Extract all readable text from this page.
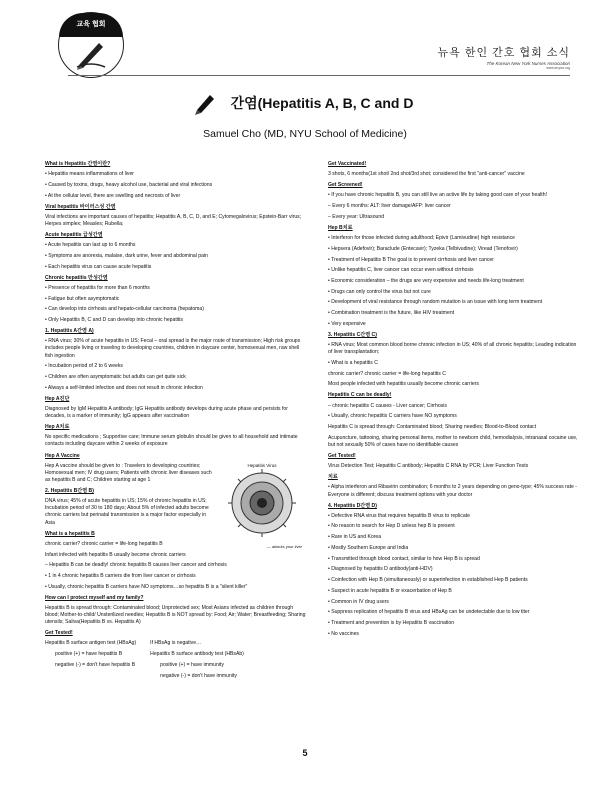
교육 협회
뉴욕 한인 간호 협회 소식
The Korean New York Nurses Association
www.knyna.org
간염(Hepatitis A, B, C and D
Samuel Cho (MD, NYU School of Medicine)
What is Hepatitis 간염이란?
• Hepatitis means inflammations of liver
• Caused by toxins, drugs, heavy alcohol use, bacterial and viral infections
• At the cellular level, there are swelling and necrosis of liver
Viral hepatitis 바이러스성 간염
Viral infections are important causes of hepatitis; Hepatitis A, B, C, D, and E; Cytomegalovirus; Epstein-Barr virus; Herpes simplex; Measles; Rubella;
Acute hepatitis 급성간염
• Acute hepatitis can last up to 6 months
• Symptoms are anorexia, malaise, dark urine, fever and abdominal pain
• Each hepatitis virus can cause acute hepatitis
Chronic hepatitis 만성간염
• Presence of hepatitis for more than 6 months
• Fatigue but often asymptomatic
• Can develop into cirrhosis and hepato-cellular carcinoma (hepatoma)
• Only Hepatitis B, C and D can develop into chronic hepatitis
1. Hepatitis A간염 A)
• RNA virus; 30% of acute hepatitis in US; Fecal – oral spread is the major route of transmission; High risk groups includes people living or traveling to developing countries, children in daycare center, homosexual men, raw shell fish ingestion
• Incubation period of 2 to 6 weeks
• Children are often asymptomatic but adults can get quite sick
• Always a self-limited infection and does not result in chronic infection
Hep A진단
Diagnosed by IgM Hepatitis A antibody; IgG Hepatitis antibody develops during acute phase and persists for decades, is a marker of immunity; IgG appears after vaccination
Hep A치료
No specific medications ; Supportive care; Immune serum globulin should be given to all household and intimate contacts including daycare within 2 weeks of exposure
Hep A Vaccine
Hep A vaccine should be given to : Travelers to developing countries; Homosexual men; IV drug users; Patients with chronic liver diseases such as hepatitis B and C; Children starting at age 1
2. Hepatitis B간염 B)
DNA virus; 45% of acute hepatitis in US; 15% of chronic hepatitis in US; Incubation period of 30 to 180 days; About 5% of infected adults become chronic carriers but perinatal transmission is a major factor especially in Asia
What is a hepatitis B
chronic carrier? chronic carrier = life-long hepatitis B
Infant infected with hepatitis B usually become chronic carriers
– Hepatitis B can be deadly! chronic hepatitis B causes liver cancer and cirrhosis
• 1 in 4 chronic hepatitis B carriers die from liver cancer or cirrhosis
• Usually, chronic hepatitis B carriers have NO symptoms…so hepatitis B is a "silent killer"
How can I protect myself and my family?
Hepatitis B is spread through: Contaminated blood; Unprotected sex; Most Asians infected as children through blood; Mother-to-child/ Unsterilized needles; Hepatitis B is NOT spread by: Food; Air; Water; Breastfeeding; Sharing utensils; Saliva(Hepatitis B vs. Hepatitis A)
Get Tested!
Hepatitis B surface antigen test (HBsAg)
positive (+) = have hepatitis B
negative (-) = don't have hepatitis B
If HBsAg is negative…
Hepatitis B surface antibody test (HBsAb)
positive (+) = have immunity
negative (-) = don't have immunity
Get Vaccinated!
3 shots, 6 months(1st shot/ 2nd shot/3rd shot; considered the first "anti-cancer" vaccine
Get Screened!
• If you have chronic hepatitis B, you can still live an active life by taking good care of your health!
– Every 6 months: ALT: liver damage/AFP: liver cancer
– Every year: Ultrasound
Hep B치료
• Interferon for those infected during adulthood; Epivir (Lamivudine) high resistance
• Hepsera (Adefovir); Baraclude (Entecavir); Tyzeka (Telbivudine); Viread (Tenofovir)
• Treatment of Hepatitis B The goal is to prevent cirrhosis and liver cancer
• Unlike hepatitis C, liver cancer can occur even without cirrhosis
• Economic consideration – the drugs are very expensive and needs life-long treatment
• Drugs can only control the virus but not cure
• Development of viral resistance through random mutation is an issue with long term treatment
• Combination treatment is the future, like HIV treatment
• Very expensive
3. Hepatitis C간염 C)
• RNA virus; Most common blood borne chronic infection in US; 40% of all chronic hepatitis; Leading indication of liver transplantation;
• What is a hepatitis C
chronic carrier? chronic carrier = life-long hepatitis C
Most people infected with hepatitis usually become chronic carriers
Hepatitis C can be deadly!
– chronic hepatitis C causes - Liver cancer; Cirrhosis
• Usually, chronic hepatitis C carriers have NO symptoms
Hepatitis C is spread through: Contaminated blood; Sharing needles; Blood-to-Blood contact
Acupuncture, tattooing, sharing personal items, mother to newborn child, hemodialysis, intranasal cocaine use, but not sexually 50% of cases have no identifiable causes
Get Tested!
Virus Detection Test; Hepatitis C antibody; Hepatitis C RNA by PCR; Liver Function Tests
치료
• Alpha interferon and Ribavirin combination; 6 months to 2 years depending on geno-type; 45% success rate -Everyone is different; discuss treatment options with your doctor
4. Hepatitis D간염 D)
• Defective RNA virus that requires hepatitis B virus to replicate
• No reason to search for Hep D unless hep B is present
• Rare in US and Korea
• Mostly Southern Europe and India
• Transmitted through blood contact, similar to how Hep B is spread
• Diagnosed by hepatitis D antibody(anti-HDV)
• Coinfection with Hep B (simultaneously) or superinfection in established Hep B patients
• Suspect in acute hepatitis B or exacerbation of Hep B
• Common in IV drug users
• Suppress replication of hepatitis B virus and HBsAg can be undetectable due to low titer
• Treatment and prevention is by Hepatitis B vaccination
• No vaccines
Hepatitis Virus
— attacks your liver
5
